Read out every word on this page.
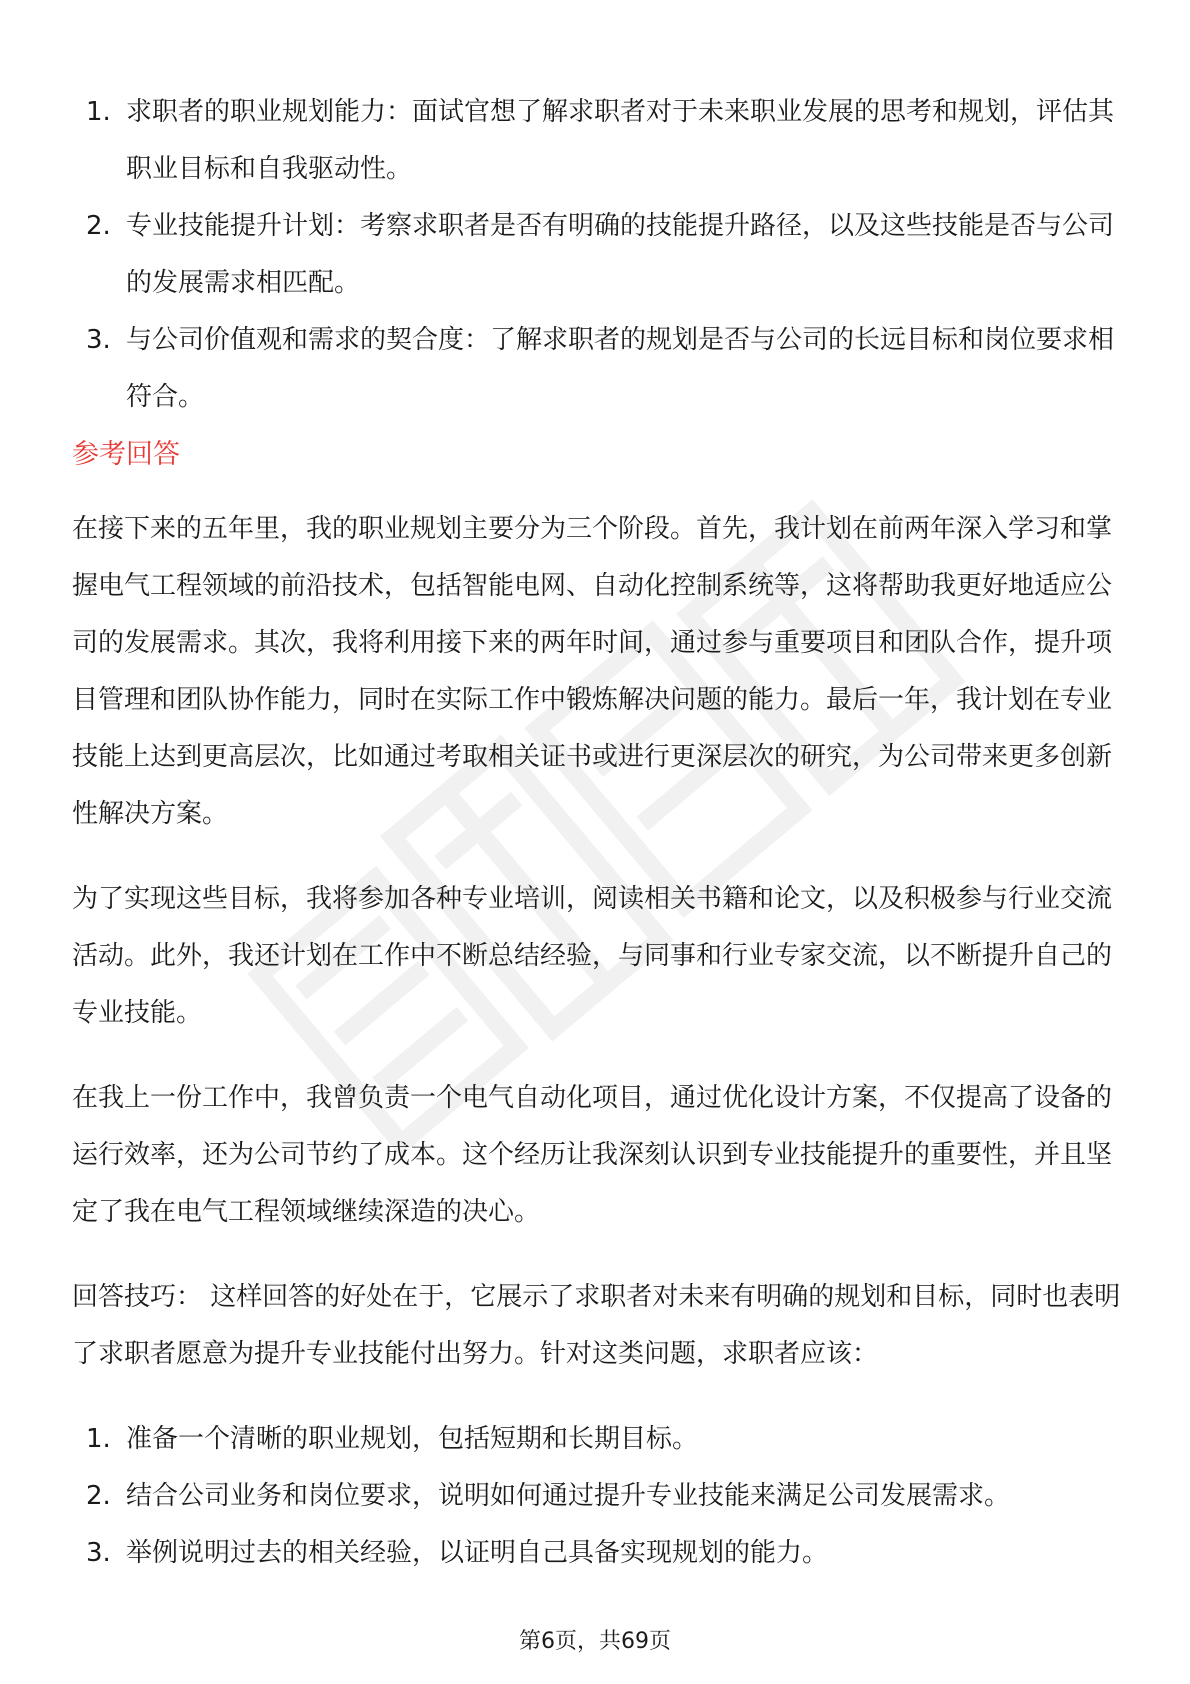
1. 求职者的职业规划能力：面试官想了解求职者对于未来职业发展的思考和规划，评估其职业目标和自我驱动性。
2. 专业技能提升计划：考察求职者是否有明确的技能提升路径，以及这些技能是否与公司的发展需求相匹配。
3. 与公司价值观和需求的契合度：了解求职者的规划是否与公司的长远目标和岗位要求相符合。
参考回答

在接下来的五年里，我的职业规划主要分为三个阶段。首先，我计划在前两年深入学习和掌握电气工程领域的前沿技术，包括智能电网、自动化控制系统等，这将帮助我更好地适应公司的发展需求。其次，我将利用接下来的两年时间，通过参与重要项目和团队合作，提升项目管理和团队协作能力，同时在实际工作中锻炼解决问题的能力。最后一年，我计划在专业技能上达到更高层次，比如通过考取相关证书或进行更深层次的研究，为公司带来更多创新性解决方案。

为了实现这些目标，我将参加各种专业培训，阅读相关书籍和论文，以及积极参与行业交流活动。此外，我还计划在工作中不断总结经验，与同事和行业专家交流，以不断提升自己的专业技能。

在我上一份工作中，我曾负责一个电气自动化项目，通过优化设计方案，不仅提高了设备的运行效率，还为公司节约了成本。这个经历让我深刻认识到专业技能提升的重要性，并且坚定了我在电气工程领域继续深造的决心。

回答技巧： 这样回答的好处在于，它展示了求职者对未来有明确的规划和目标，同时也表明了求职者愿意为提升专业技能付出努力。针对这类问题，求职者应该：

1. 准备一个清晰的职业规划，包括短期和长期目标。
2. 结合公司业务和岗位要求，说明如何通过提升专业技能来满足公司发展需求。
3. 举例说明过去的相关经验，以证明自己具备实现规划的能力。
第6页，共69页
